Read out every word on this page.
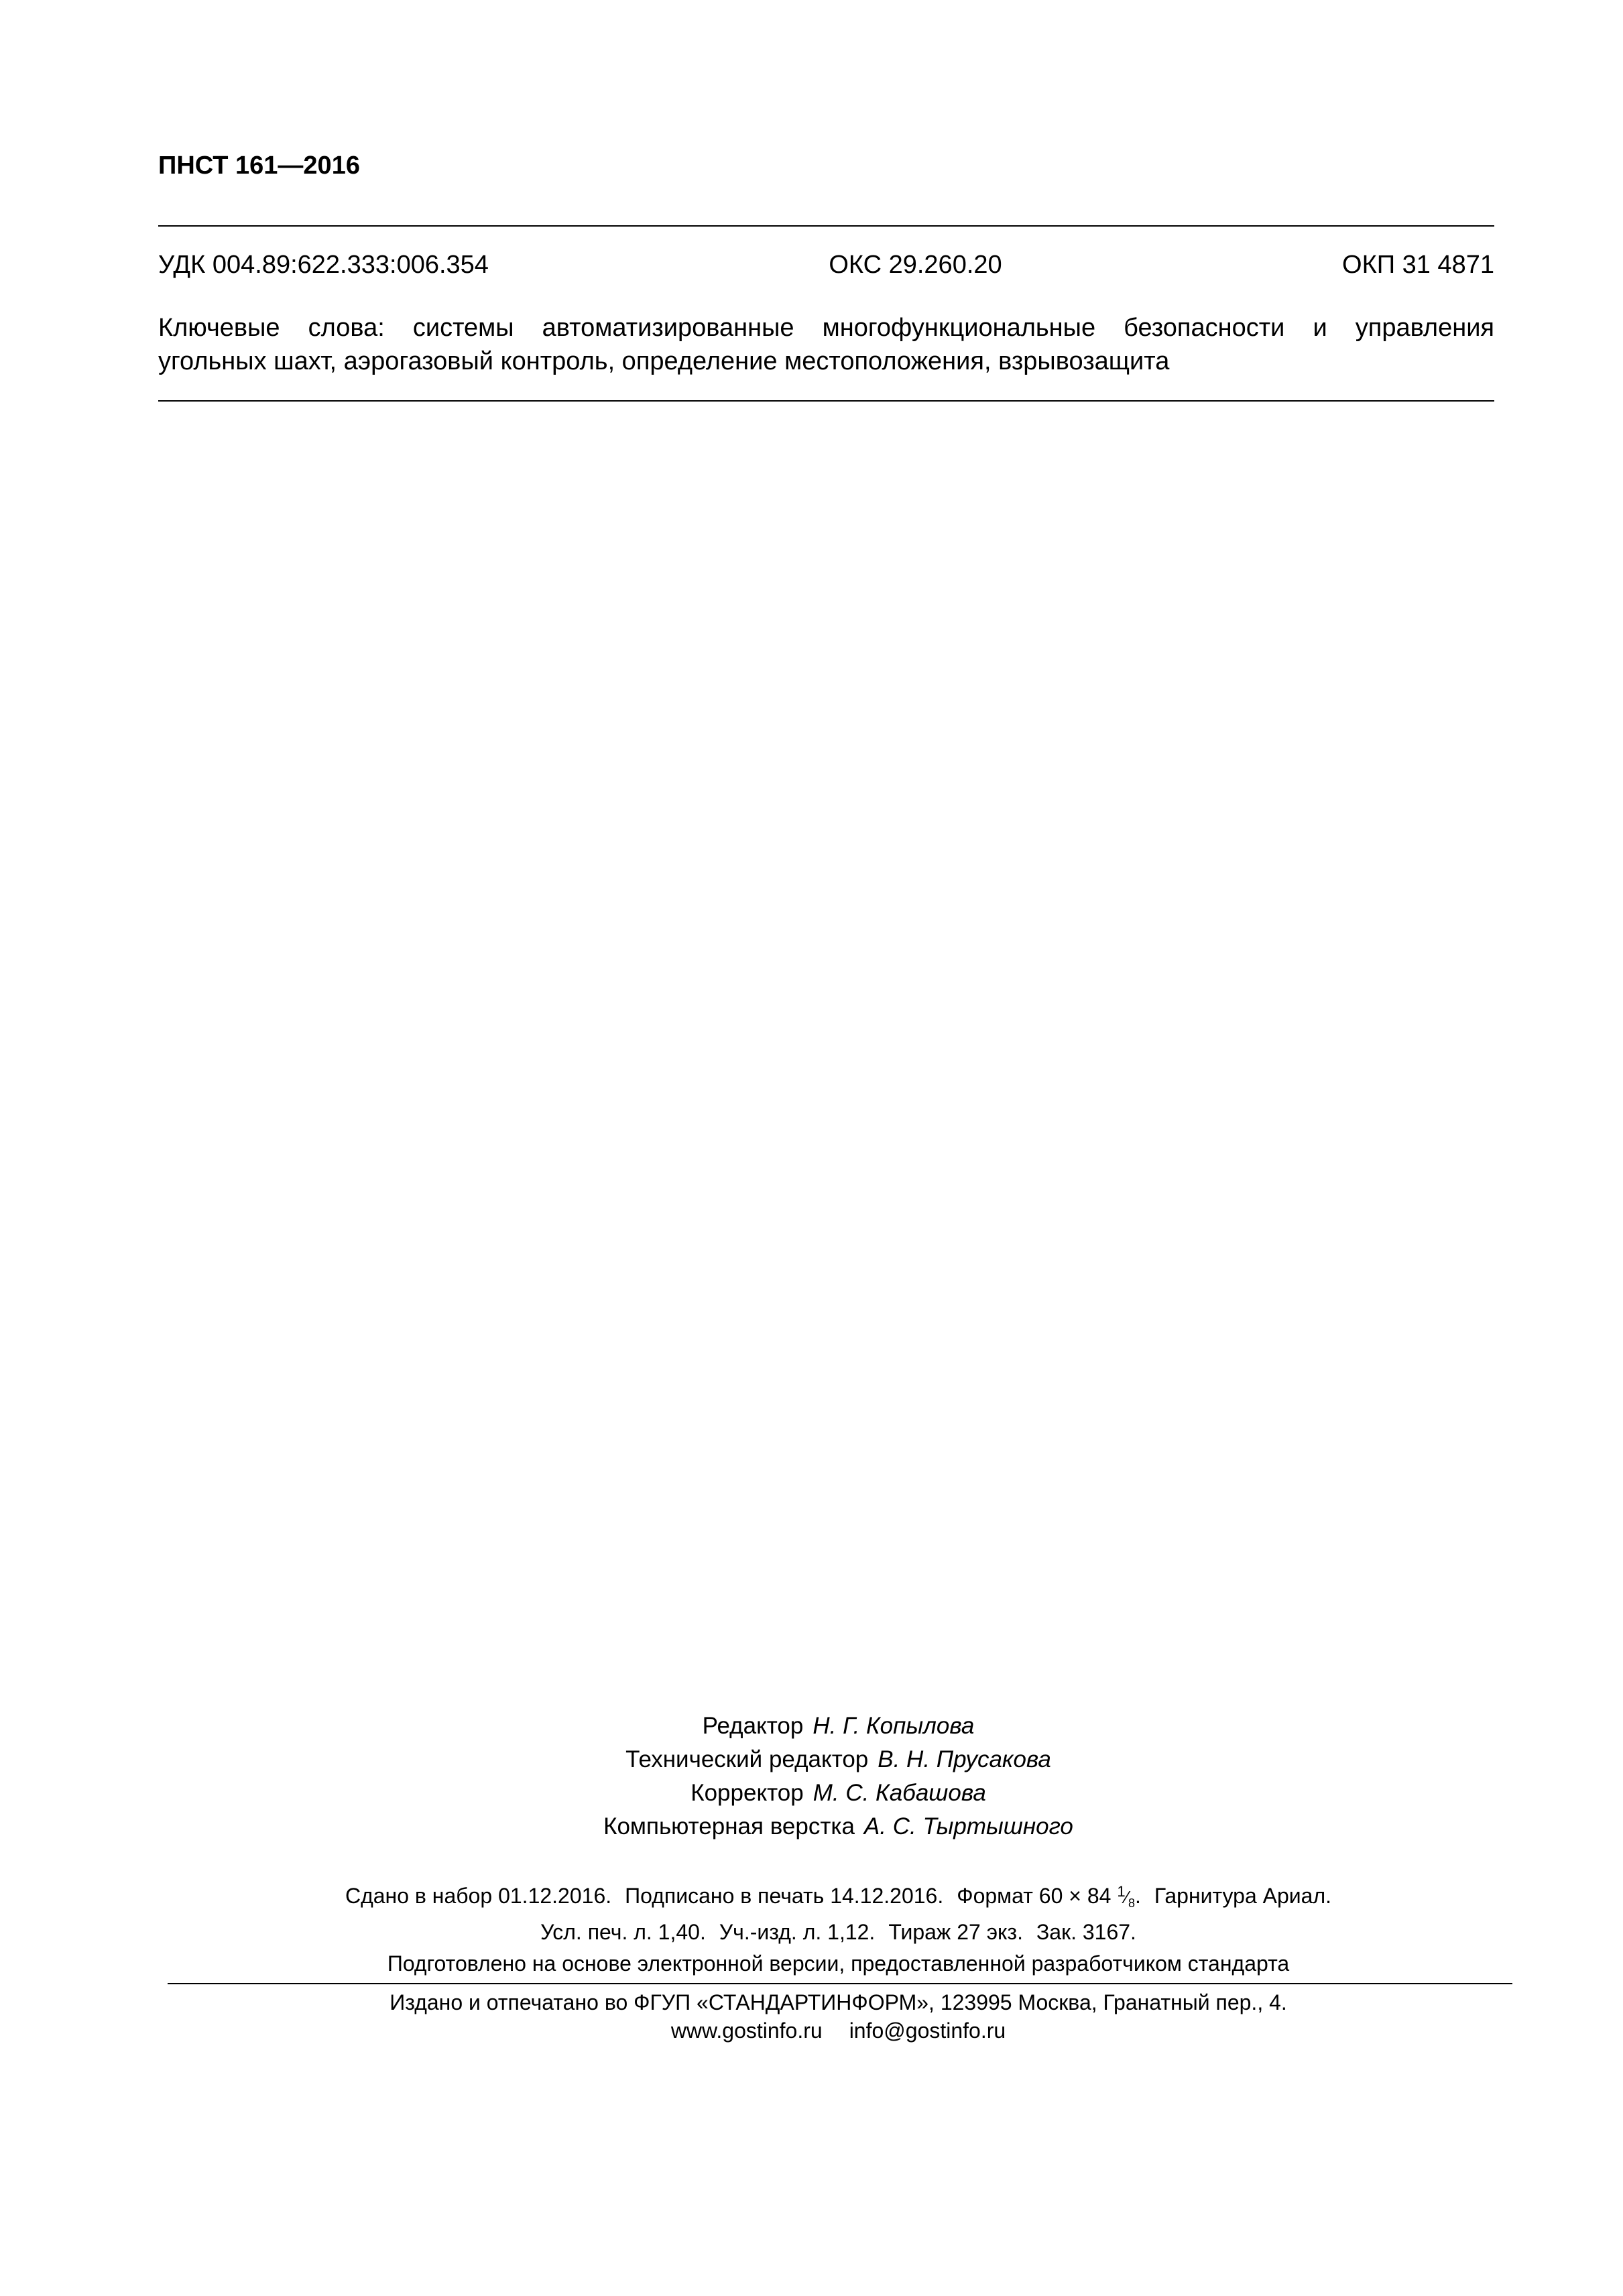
ПНСТ 161—2016
УДК 004.89:622.333:006.354	ОКС 29.260.20	ОКП 31 4871
Ключевые слова: системы автоматизированные многофункциональные безопасности и управления
угольных шахт, аэрогазовый контроль, определение местоположения, взрывозащита
Редактор Н. Г. Копылова
Технический редактор В. Н. Прусакова
Корректор М. С. Кабашова
Компьютерная верстка А. С. Тыртышного
Сдано в набор 01.12.2016. Подписано в печать 14.12.2016. Формат 60 × 84 $^1⁄_8$. Гарнитура Ариал.
Усл. печ. л. 1,40. Уч.-изд. л. 1,12. Тираж 27 экз. Зак. 3167.
Подготовлено на основе электронной версии, предоставленной разработчиком стандарта
Издано и отпечатано во ФГУП «СТАНДАРТИНФОРМ», 123995 Москва, Гранатный пер., 4.
www.gostinfo.ru info@gostinfo.ru
